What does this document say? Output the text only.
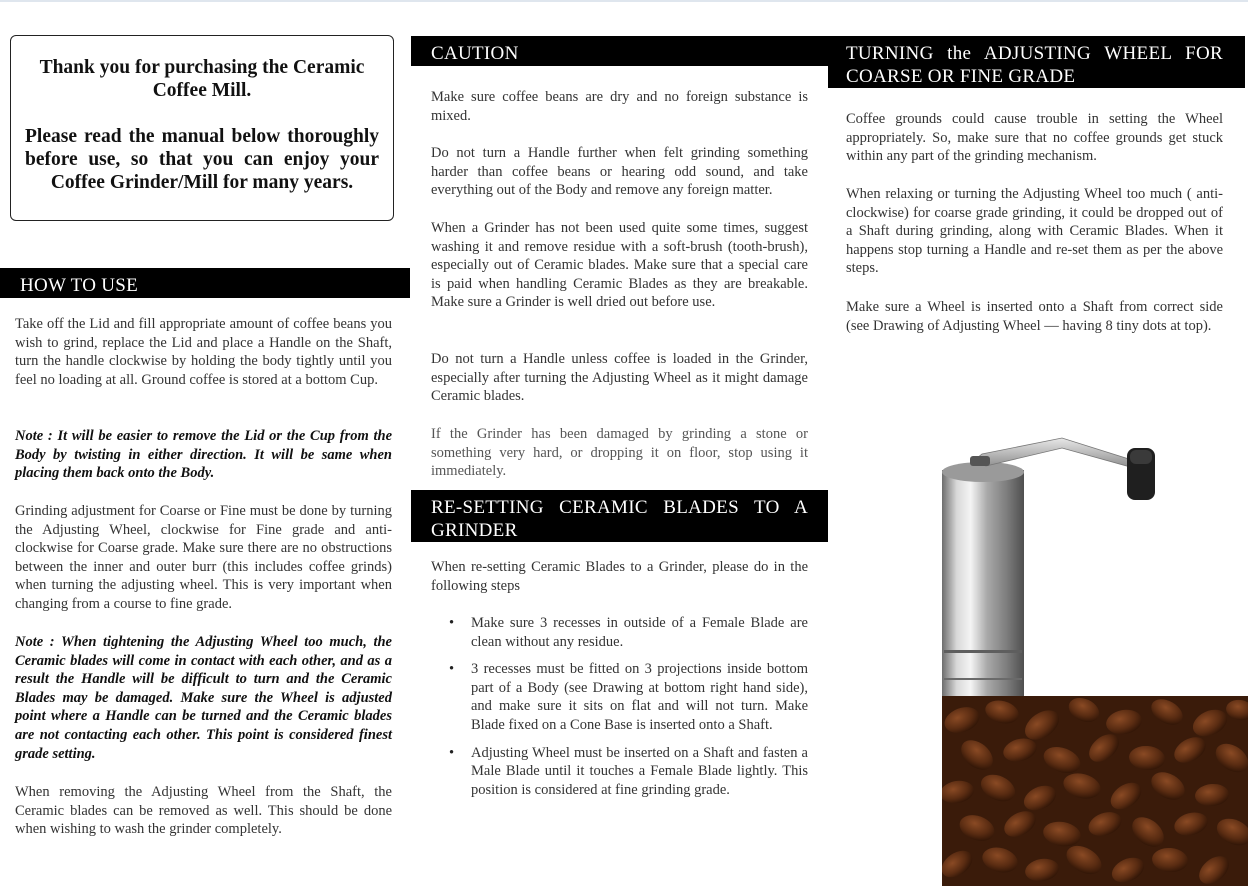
Thank you for purchasing the Ceramic Coffee Mill.

Please read the manual below thoroughly before use, so that you can enjoy your Coffee Grinder/Mill for many years.

HOW TO USE

Take off the Lid and fill appropriate amount of coffee beans you wish to grind, replace the Lid and place a Handle on the Shaft, turn the handle clockwise by holding the body tightly until you feel no loading at all. Ground coffee is stored at a bottom Cup.

Note : It will be easier to remove the Lid or the Cup from the Body by twisting in either direction. It will be same when placing them back onto the Body.

Grinding adjustment for Coarse or Fine must be done by turning the Adjusting Wheel, clockwise for Fine grade and anti-clockwise for Coarse grade. Make sure there are no obstructions between the inner and outer burr (this includes coffee grinds) when turning the adjusting wheel. This is very important when changing from a course to fine grade.

Note : When tightening the Adjusting Wheel too much, the Ceramic blades will come in contact with each other, and as a result the Handle will be difficult to turn and the Ceramic Blades may be damaged. Make sure the Wheel is adjusted point where a Handle can be turned and the Ceramic blades are not contacting each other. This point is considered finest grade setting.

When removing the Adjusting Wheel from the Shaft, the Ceramic blades can be removed as well. This should be done when wishing to wash the grinder completely.

CAUTION

Make sure coffee beans are dry and no foreign substance is mixed.

Do not turn a Handle further when felt grinding something harder than coffee beans or hearing odd sound, and take everything out of the Body and remove any foreign matter.

When a Grinder has not been used quite some times, suggest washing it and remove residue with a soft-brush (tooth-brush), especially out of Ceramic blades. Make sure that a special care is paid when handling Ceramic Blades as they are breakable. Make sure a Grinder is well dried out before use.

Do not turn a Handle unless coffee is loaded in the Grinder, especially after turning the Adjusting Wheel as it might damage Ceramic blades.

If the Grinder has been damaged by grinding a stone or something very hard, or dropping it on floor, stop using it immediately.

RE-SETTING CERAMIC BLADES TO A GRINDER

When re-setting Ceramic Blades to a Grinder, please do in the following steps

• Make sure 3 recesses in outside of a Female Blade are clean without any residue.
• 3 recesses must be fitted on 3 projections inside bottom part of a Body (see Drawing at bottom right hand side), and make sure it sits on flat and will not turn. Make Blade fixed on a Cone Base is inserted onto a Shaft.
• Adjusting Wheel must be inserted on a Shaft and fasten a Male Blade until it touches a Female Blade lightly. This position is considered at fine grinding grade.
TURNING the ADJUSTING WHEEL FOR COARSE OR FINE GRADE

Coffee grounds could cause trouble in setting the Wheel appropriately. So, make sure that no coffee grounds get stuck within any part of the grinding mechanism.

When relaxing or turning the Adjusting Wheel too much ( anti-clockwise) for coarse grade grinding, it could be dropped out of a Shaft during grinding, along with Ceramic Blades. When it happens stop turning a Handle and re-set them as per the above steps.

Make sure a Wheel is inserted onto a Shaft from correct side (see Drawing of Adjusting Wheel — having 8 tiny dots at top).
